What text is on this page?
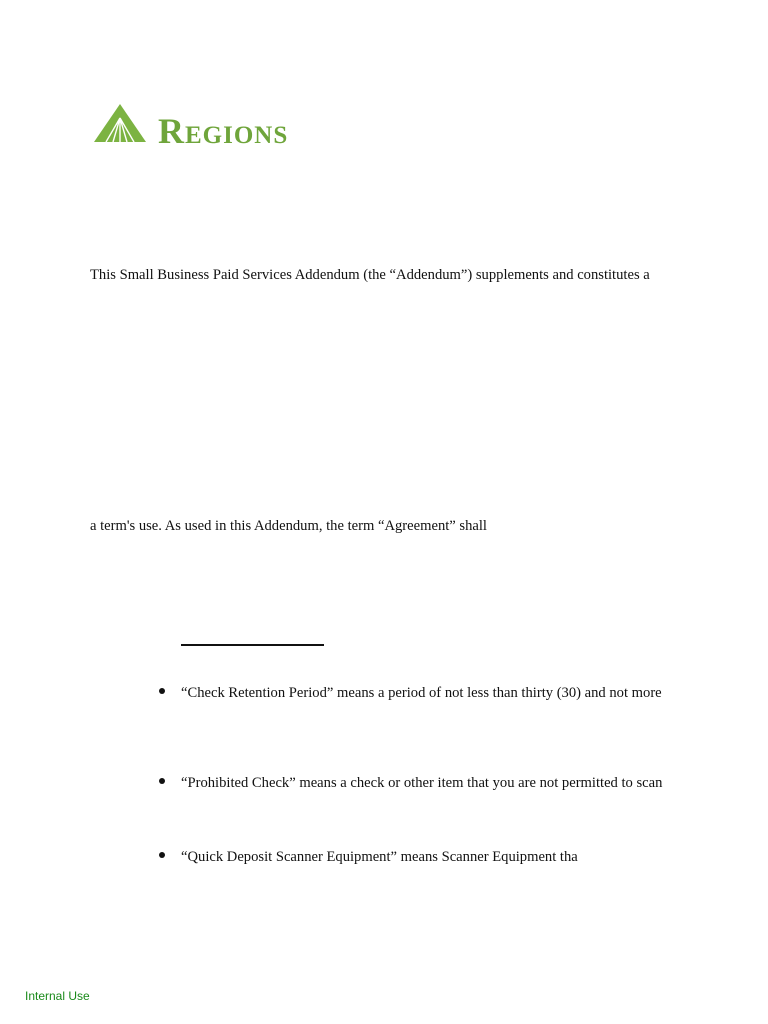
Regions
This Small Business Paid Services Addendum (the “Addendum”) supplements and constitutes a
a term's use. As used in this Addendum, the term “Agreement” shall
“Check Retention Period” means a period of not less than thirty (30) and not more
“Prohibited Check” means a check or other item that you are not permitted to scan
“Quick Deposit Scanner Equipment” means Scanner Equipment tha
Internal Use
